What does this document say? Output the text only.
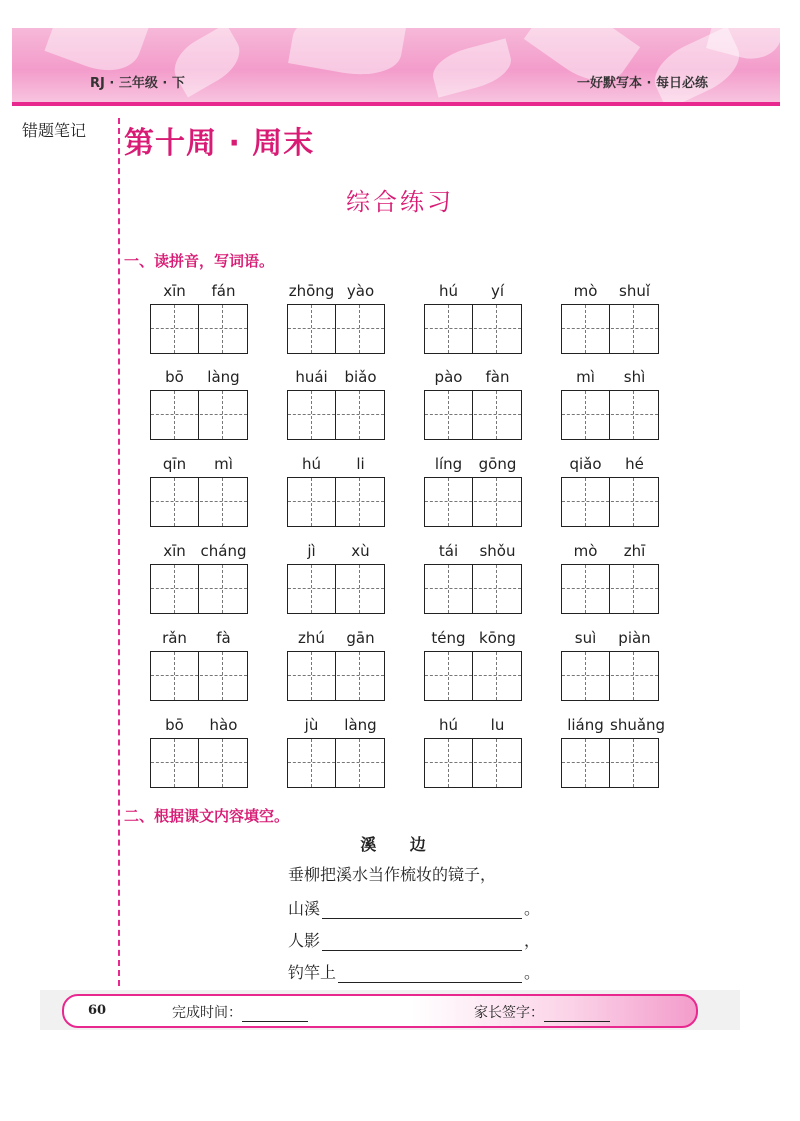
RJ · 三年级 · 下	一好默写本 · 每日必练
错题笔记 第十周 · 周末
综合练习
一、读拼音，写词语。
xīn	fán	zhōng yào	hú	yí	mò	shuǐ
bō	làng	huái	biǎo	pào	fàn	mì	shì
qīn	mì	hú	li	líng	gōng	qiǎo	hé
xīn cháng	jì	xù	tái	shǒu	mò	zhī
rǎn	fà	zhú	gān	téng kōng	suì	piàn
bō	hào	jù	làng	hú	lu	liáng shuǎng
二、根据课文内容填空。
溪 边
垂柳把溪水当作梳妆的镜子，
山溪	。
人影	，
钓竿上	。
60	完成时间：	家长签字：
